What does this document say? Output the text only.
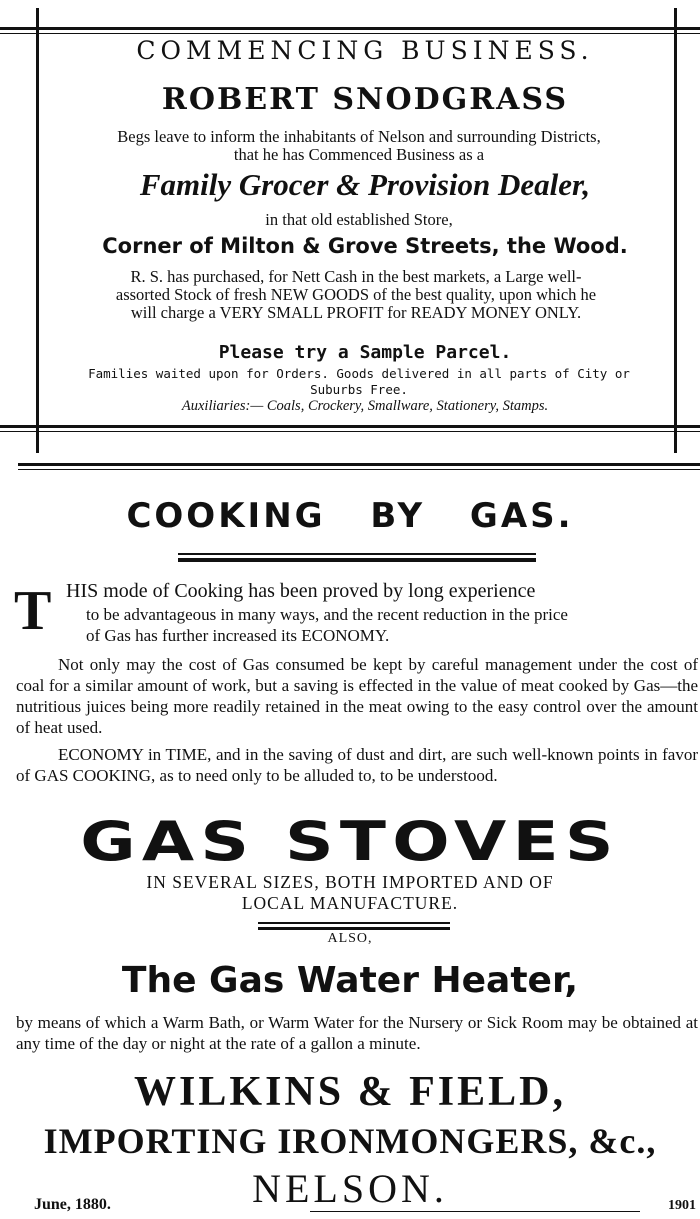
COMMENCING BUSINESS.
ROBERT SNODGRASS
Begs leave to inform the inhabitants of Nelson and surrounding Districts,
that he has Commenced Business as a
Family Grocer & Provision Dealer,
in that old established Store,
Corner of Milton & Grove Streets, the Wood.
R. S. has purchased, for Nett Cash in the best markets, a Large well-
assorted Stock of fresh NEW GOODS of the best quality, upon which he
will charge a VERY SMALL PROFIT for READY MONEY ONLY.
Please try a Sample Parcel.
Families waited upon for Orders. Goods delivered in all parts of City or
Suburbs Free.
Auxiliaries:— Coals, Crockery, Smallware, Stationery, Stamps.
COOKING BY GAS.
T HIS mode of Cooking has been proved by long experience
to be advantageous in many ways, and the recent reduction in the price
of Gas has further increased its ECONOMY.
Not only may the cost of Gas consumed be kept by careful management under the cost of coal for a similar amount of work, but a saving is effected in the value of meat cooked by Gas—the nutritious juices being more readily retained in the meat owing to the easy control over the amount of heat used.
ECONOMY in TIME, and in the saving of dust and dirt, are such well-known points in favor of GAS COOKING, as to need only to be alluded to, to be understood.
GAS STOVES
IN SEVERAL SIZES, BOTH IMPORTED AND OF
LOCAL MANUFACTURE.
ALSO,
The Gas Water Heater,
by means of which a Warm Bath, or Warm Water for the Nursery or Sick Room may be obtained at any time of the day or night at the rate of a gallon a minute.
WILKINS & FIELD,
IMPORTING IRONMONGERS, &c.,
NELSON.
June, 1880.	1901
